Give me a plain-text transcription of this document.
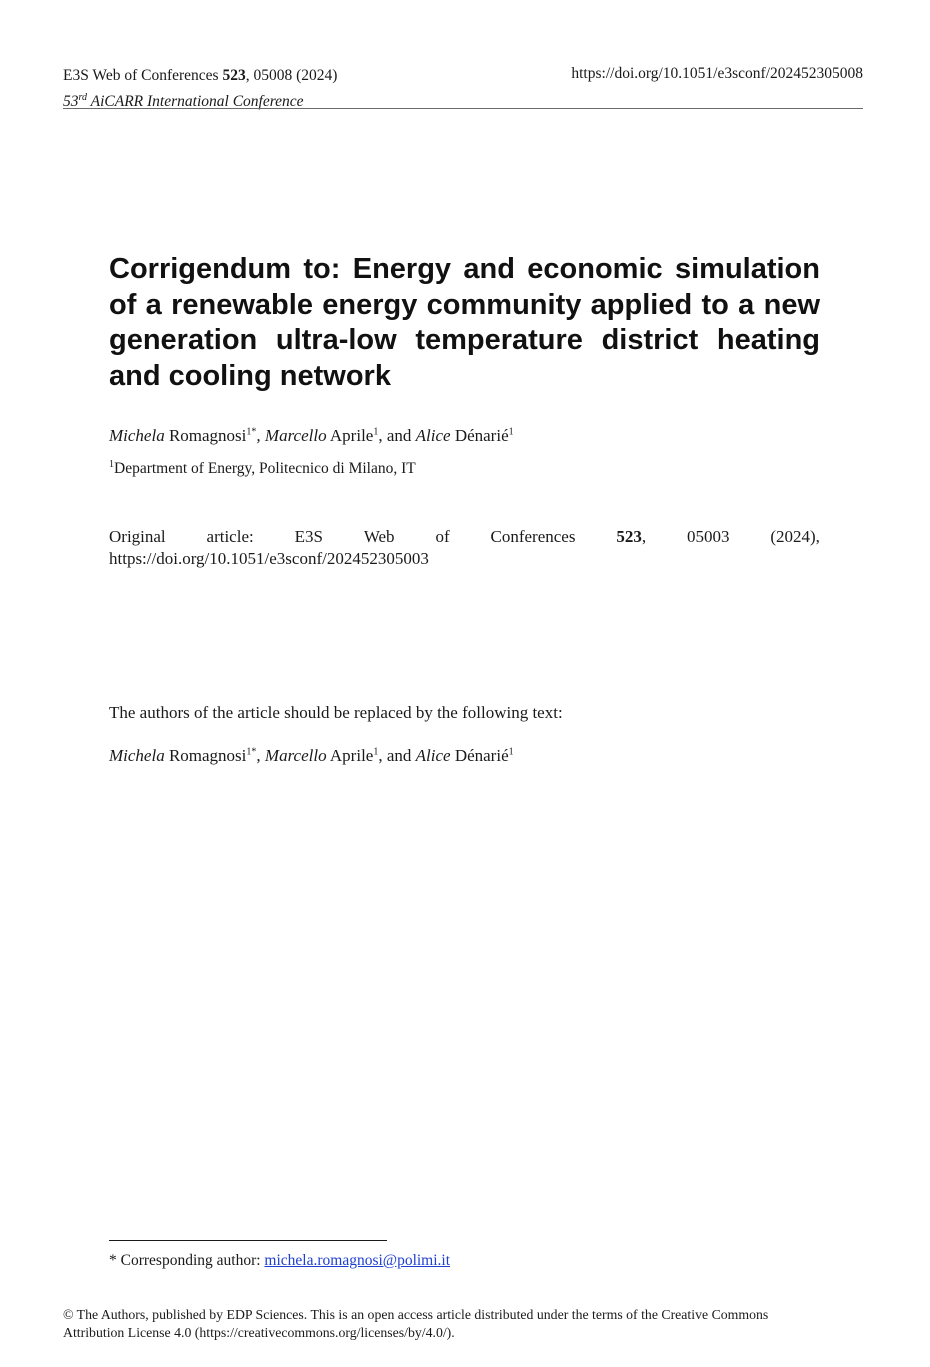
E3S Web of Conferences 523, 05008 (2024)
53rd AiCARR International Conference
https://doi.org/10.1051/e3sconf/202452305008
Corrigendum to: Energy and economic simulation of a renewable energy community applied to a new generation ultra-low temperature district heating and cooling network
Michela Romagnosi$^{1*}$, Marcello Aprile$^1$, and Alice Dénarié$^1$
$^1$Department of Energy, Politecnico di Milano, IT
Original article: E3S Web of Conferences 523, 05003 (2024),
https://doi.org/10.1051/e3sconf/202452305003
The authors of the article should be replaced by the following text:
Michela Romagnosi$^{1*}$, Marcello Aprile$^1$, and Alice Dénarié$^1$
* Corresponding author: michela.romagnosi@polimi.it
© The Authors, published by EDP Sciences. This is an open access article distributed under the terms of the Creative Commons
Attribution License 4.0 (https://creativecommons.org/licenses/by/4.0/).
